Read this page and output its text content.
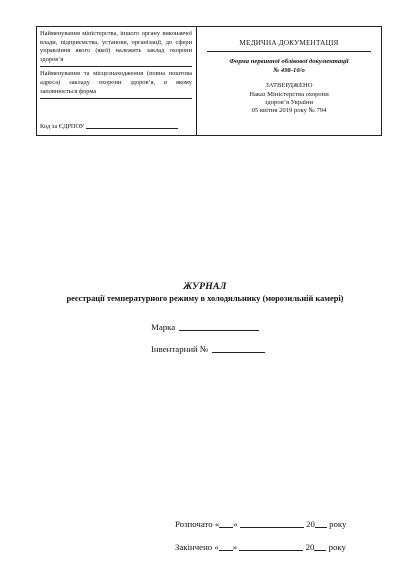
Найменування міністерства, іншого органу виконавчої влади, підприємства, установи, організації, до сфери управління якого (якої) належить заклад охорони здоров’я
Найменування та місцезнаходження (повна поштова адреса) закладу охорони здоров’я, в якому заповнюється форма
Код за ЄДРПОУ
МЕДИЧНА ДОКУМЕНТАЦІЯ
Форма первинної облікової документації
№ 498-10/о
ЗАТВЕРДЖЕНО
Наказ Міністерства охорони
здоров’я України
05 квітня 2019 року № 794
ЖУРНАЛ
реєстрації температурного режиму в холодильнику (морозильній камері)
Марка
Інвентарний №
Розпочато « »	20 року
Закінчено « »	20 року
